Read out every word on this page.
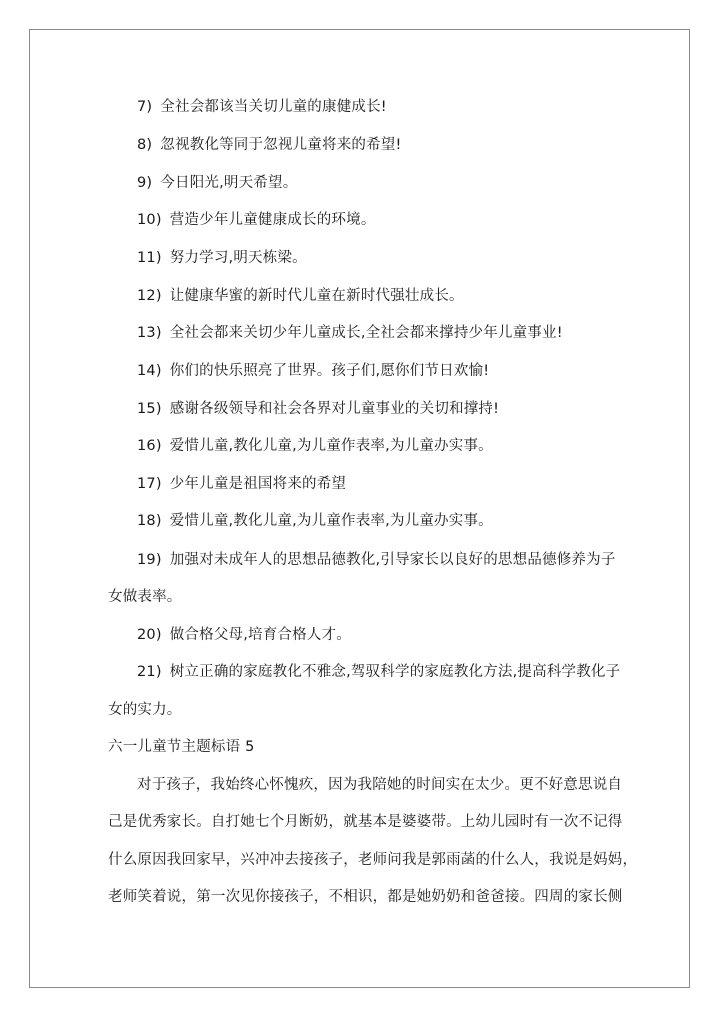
7) 全社会都该当关切儿童的康健成长!
8) 忽视教化等同于忽视儿童将来的希望!
9) 今日阳光,明天希望。
10) 营造少年儿童健康成长的环境。
11) 努力学习,明天栋梁。
12) 让健康华蜜的新时代儿童在新时代强壮成长。
13) 全社会都来关切少年儿童成长,全社会都来撑持少年儿童事业!
14) 你们的快乐照亮了世界。孩子们,愿你们节日欢愉!
15) 感谢各级领导和社会各界对儿童事业的关切和撑持!
16) 爱惜儿童,教化儿童,为儿童作表率,为儿童办实事。
17) 少年儿童是祖国将来的希望
18) 爱惜儿童,教化儿童,为儿童作表率,为儿童办实事。
19) 加强对未成年人的思想品德教化,引导家长以良好的思想品德修养为子
女做表率。
20) 做合格父母,培育合格人才。
21) 树立正确的家庭教化不雅念,驾驭科学的家庭教化方法,提高科学教化子
女的实力。
六一儿童节主题标语 5
对于孩子，我始终心怀愧疚，因为我陪她的时间实在太少。更不好意思说自
己是优秀家长。自打她七个月断奶，就基本是婆婆带。上幼儿园时有一次不记得
什么原因我回家早，兴冲冲去接孩子，老师问我是郭雨菡的什么人，我说是妈妈，
老师笑着说，第一次见你接孩子，不相识，都是她奶奶和爸爸接。四周的家长侧
